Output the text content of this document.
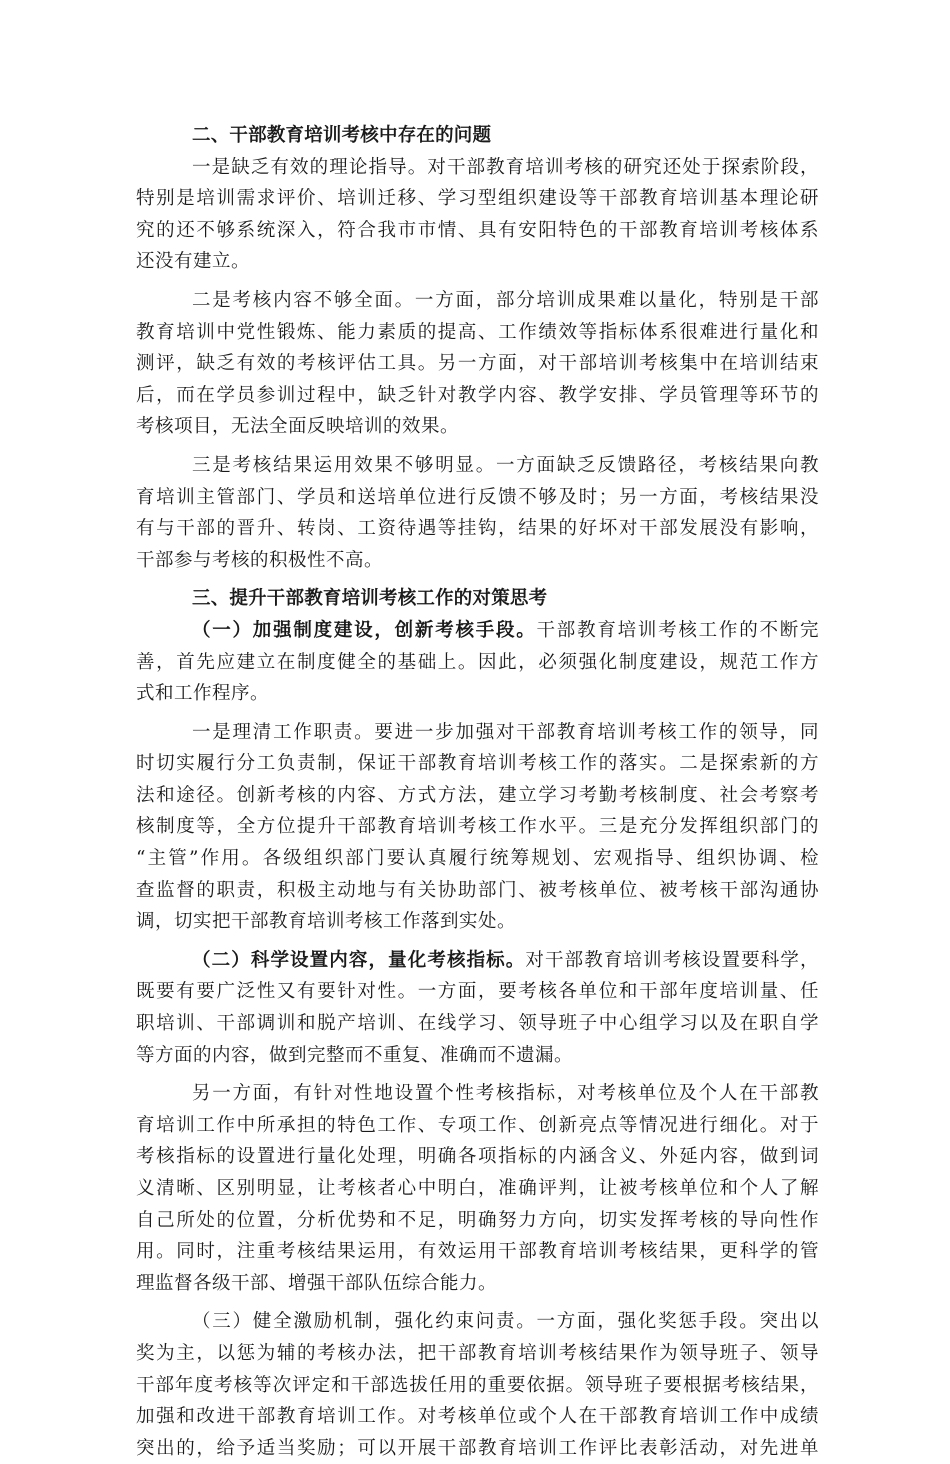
二、干部教育培训考核中存在的问题
一是缺乏有效的理论指导。对干部教育培训考核的研究还处于探索阶段，
特别是培训需求评价、培训迁移、学习型组织建设等干部教育培训基本理论研
究的还不够系统深入，符合我市市情、具有安阳特色的干部教育培训考核体系
还没有建立。
二是考核内容不够全面。一方面，部分培训成果难以量化，特别是干部
教育培训中党性锻炼、能力素质的提高、工作绩效等指标体系很难进行量化和
测评，缺乏有效的考核评估工具。另一方面，对干部培训考核集中在培训结束
后，而在学员参训过程中，缺乏针对教学内容、教学安排、学员管理等环节的
考核项目，无法全面反映培训的效果。
三是考核结果运用效果不够明显。一方面缺乏反馈路径，考核结果向教
育培训主管部门、学员和送培单位进行反馈不够及时；另一方面，考核结果没
有与干部的晋升、转岗、工资待遇等挂钩，结果的好坏对干部发展没有影响，
干部参与考核的积极性不高。
三、提升干部教育培训考核工作的对策思考
（一）加强制度建设，创新考核手段。干部教育培训考核工作的不断完
善，首先应建立在制度健全的基础上。因此，必须强化制度建设，规范工作方
式和工作程序。
一是理清工作职责。要进一步加强对干部教育培训考核工作的领导，同
时切实履行分工负责制，保证干部教育培训考核工作的落实。二是探索新的方
法和途径。创新考核的内容、方式方法，建立学习考勤考核制度、社会考察考
核制度等，全方位提升干部教育培训考核工作水平。三是充分发挥组织部门的
“主管”作用。各级组织部门要认真履行统筹规划、宏观指导、组织协调、检
查监督的职责，积极主动地与有关协助部门、被考核单位、被考核干部沟通协
调，切实把干部教育培训考核工作落到实处。
（二）科学设置内容，量化考核指标。对干部教育培训考核设置要科学，
既要有要广泛性又有要针对性。一方面，要考核各单位和干部年度培训量、任
职培训、干部调训和脱产培训、在线学习、领导班子中心组学习以及在职自学
等方面的内容，做到完整而不重复、准确而不遗漏。
另一方面，有针对性地设置个性考核指标，对考核单位及个人在干部教
育培训工作中所承担的特色工作、专项工作、创新亮点等情况进行细化。对于
考核指标的设置进行量化处理，明确各项指标的内涵含义、外延内容，做到词
义清晰、区别明显，让考核者心中明白，准确评判，让被考核单位和个人了解
自己所处的位置，分析优势和不足，明确努力方向，切实发挥考核的导向性作
用。同时，注重考核结果运用，有效运用干部教育培训考核结果，更科学的管
理监督各级干部、增强干部队伍综合能力。
（三）健全激励机制，强化约束问责。一方面，强化奖惩手段。突出以
奖为主，以惩为辅的考核办法，把干部教育培训考核结果作为领导班子、领导
干部年度考核等次评定和干部选拔任用的重要依据。领导班子要根据考核结果，
加强和改进干部教育培训工作。对考核单位或个人在干部教育培训工作中成绩
突出的，给予适当奖励；可以开展干部教育培训工作评比表彰活动，对先进单
